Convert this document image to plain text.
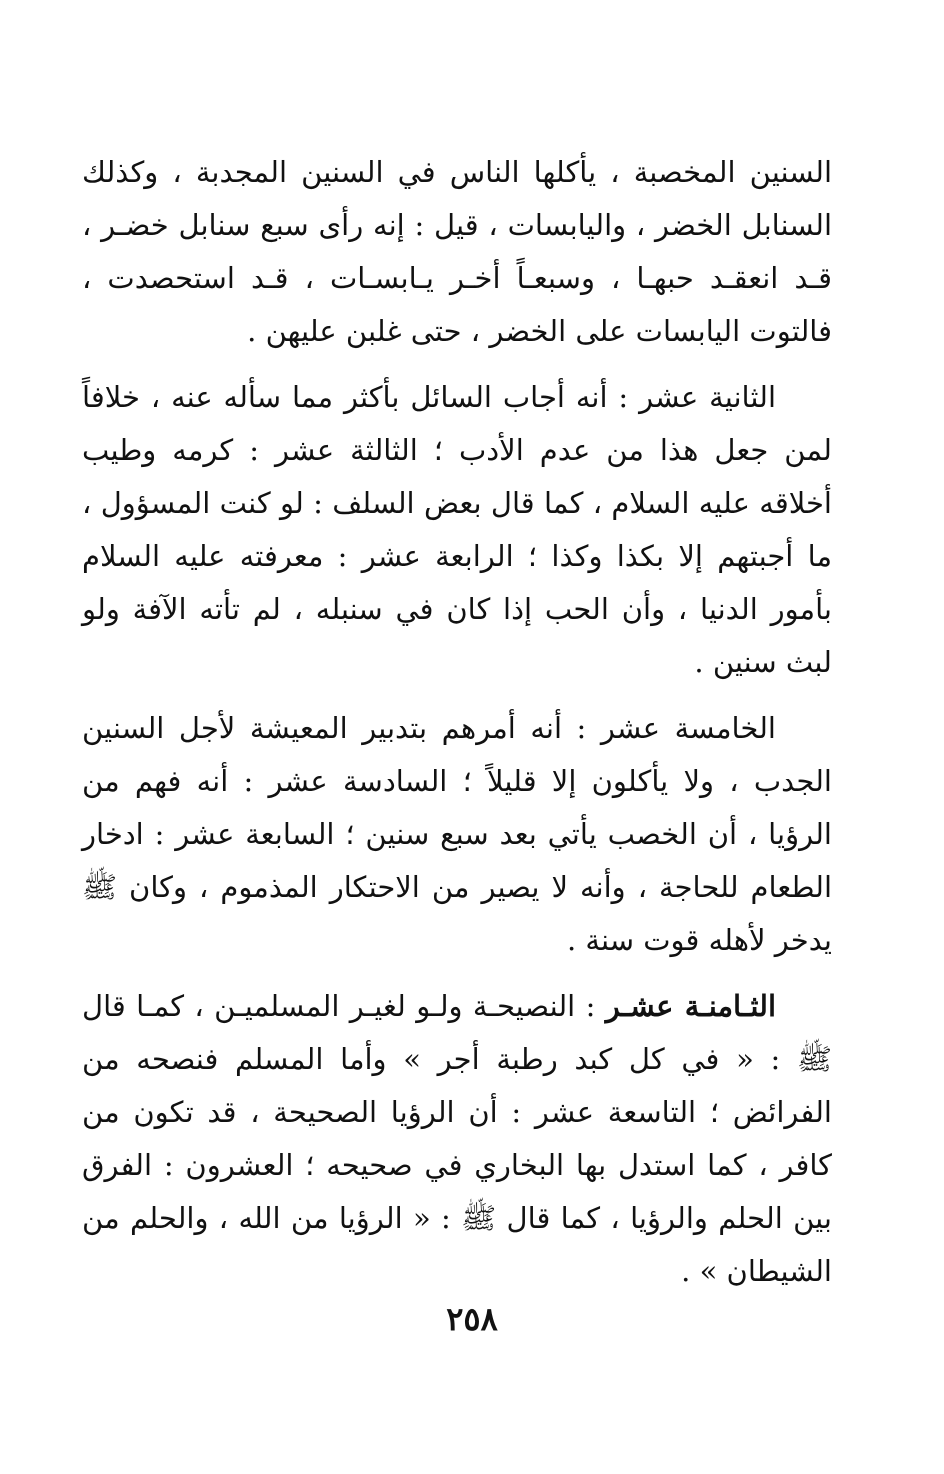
السنين المخصبة ، يأكلها الناس في السنين المجدبة ، وكذلك السنابل الخضر ، واليابسات ، قيل : إنه رأى سبع سنابل خضـر ، قـد انعقـد حبهـا ، وسبعـاً أخـر يـابسـات ، قـد استحصدت ، فالتوت اليابسات على الخضر ، حتى غلبن عليهن .

الثانية عشر : أنه أجاب السائل بأكثر مما سأله عنه ، خلافاً لمن جعل هذا من عدم الأدب ؛ الثالثة عشر : كرمه وطيب أخلاقه عليه السلام ، كما قال بعض السلف : لو كنت المسؤول ، ما أجبتهم إلا بكذا وكذا ؛ الرابعة عشر : معرفته عليه السلام بأمور الدنيا ، وأن الحب إذا كان في سنبله ، لم تأته الآفة ولو لبث سنين .

الخامسة عشر : أنه أمرهم بتدبير المعيشة لأجل السنين الجدب ، ولا يأكلون إلا قليلاً ؛ السادسة عشر : أنه فهم من الرؤيا ، أن الخصب يأتي بعد سبع سنين ؛ السابعة عشر : ادخار الطعام للحاجة ، وأنه لا يصير من الاحتكار المذموم ، وكان ﷺ يدخر لأهله قوت سنة .

الثـامنـة عشـر : النصيحـة ولـو لغيـر المسلميـن ، كمـا قال ﷺ : « في كل كبد رطبة أجر » وأما المسلم فنصحه من الفرائض ؛ التاسعة عشر : أن الرؤيا الصحيحة ، قد تكون من كافر ، كما استدل بها البخاري في صحيحه ؛ العشرون : الفرق بين الحلم والرؤيا ، كما قال ﷺ : « الرؤيا من الله ، والحلم من الشيطان » .

٢٥٨
